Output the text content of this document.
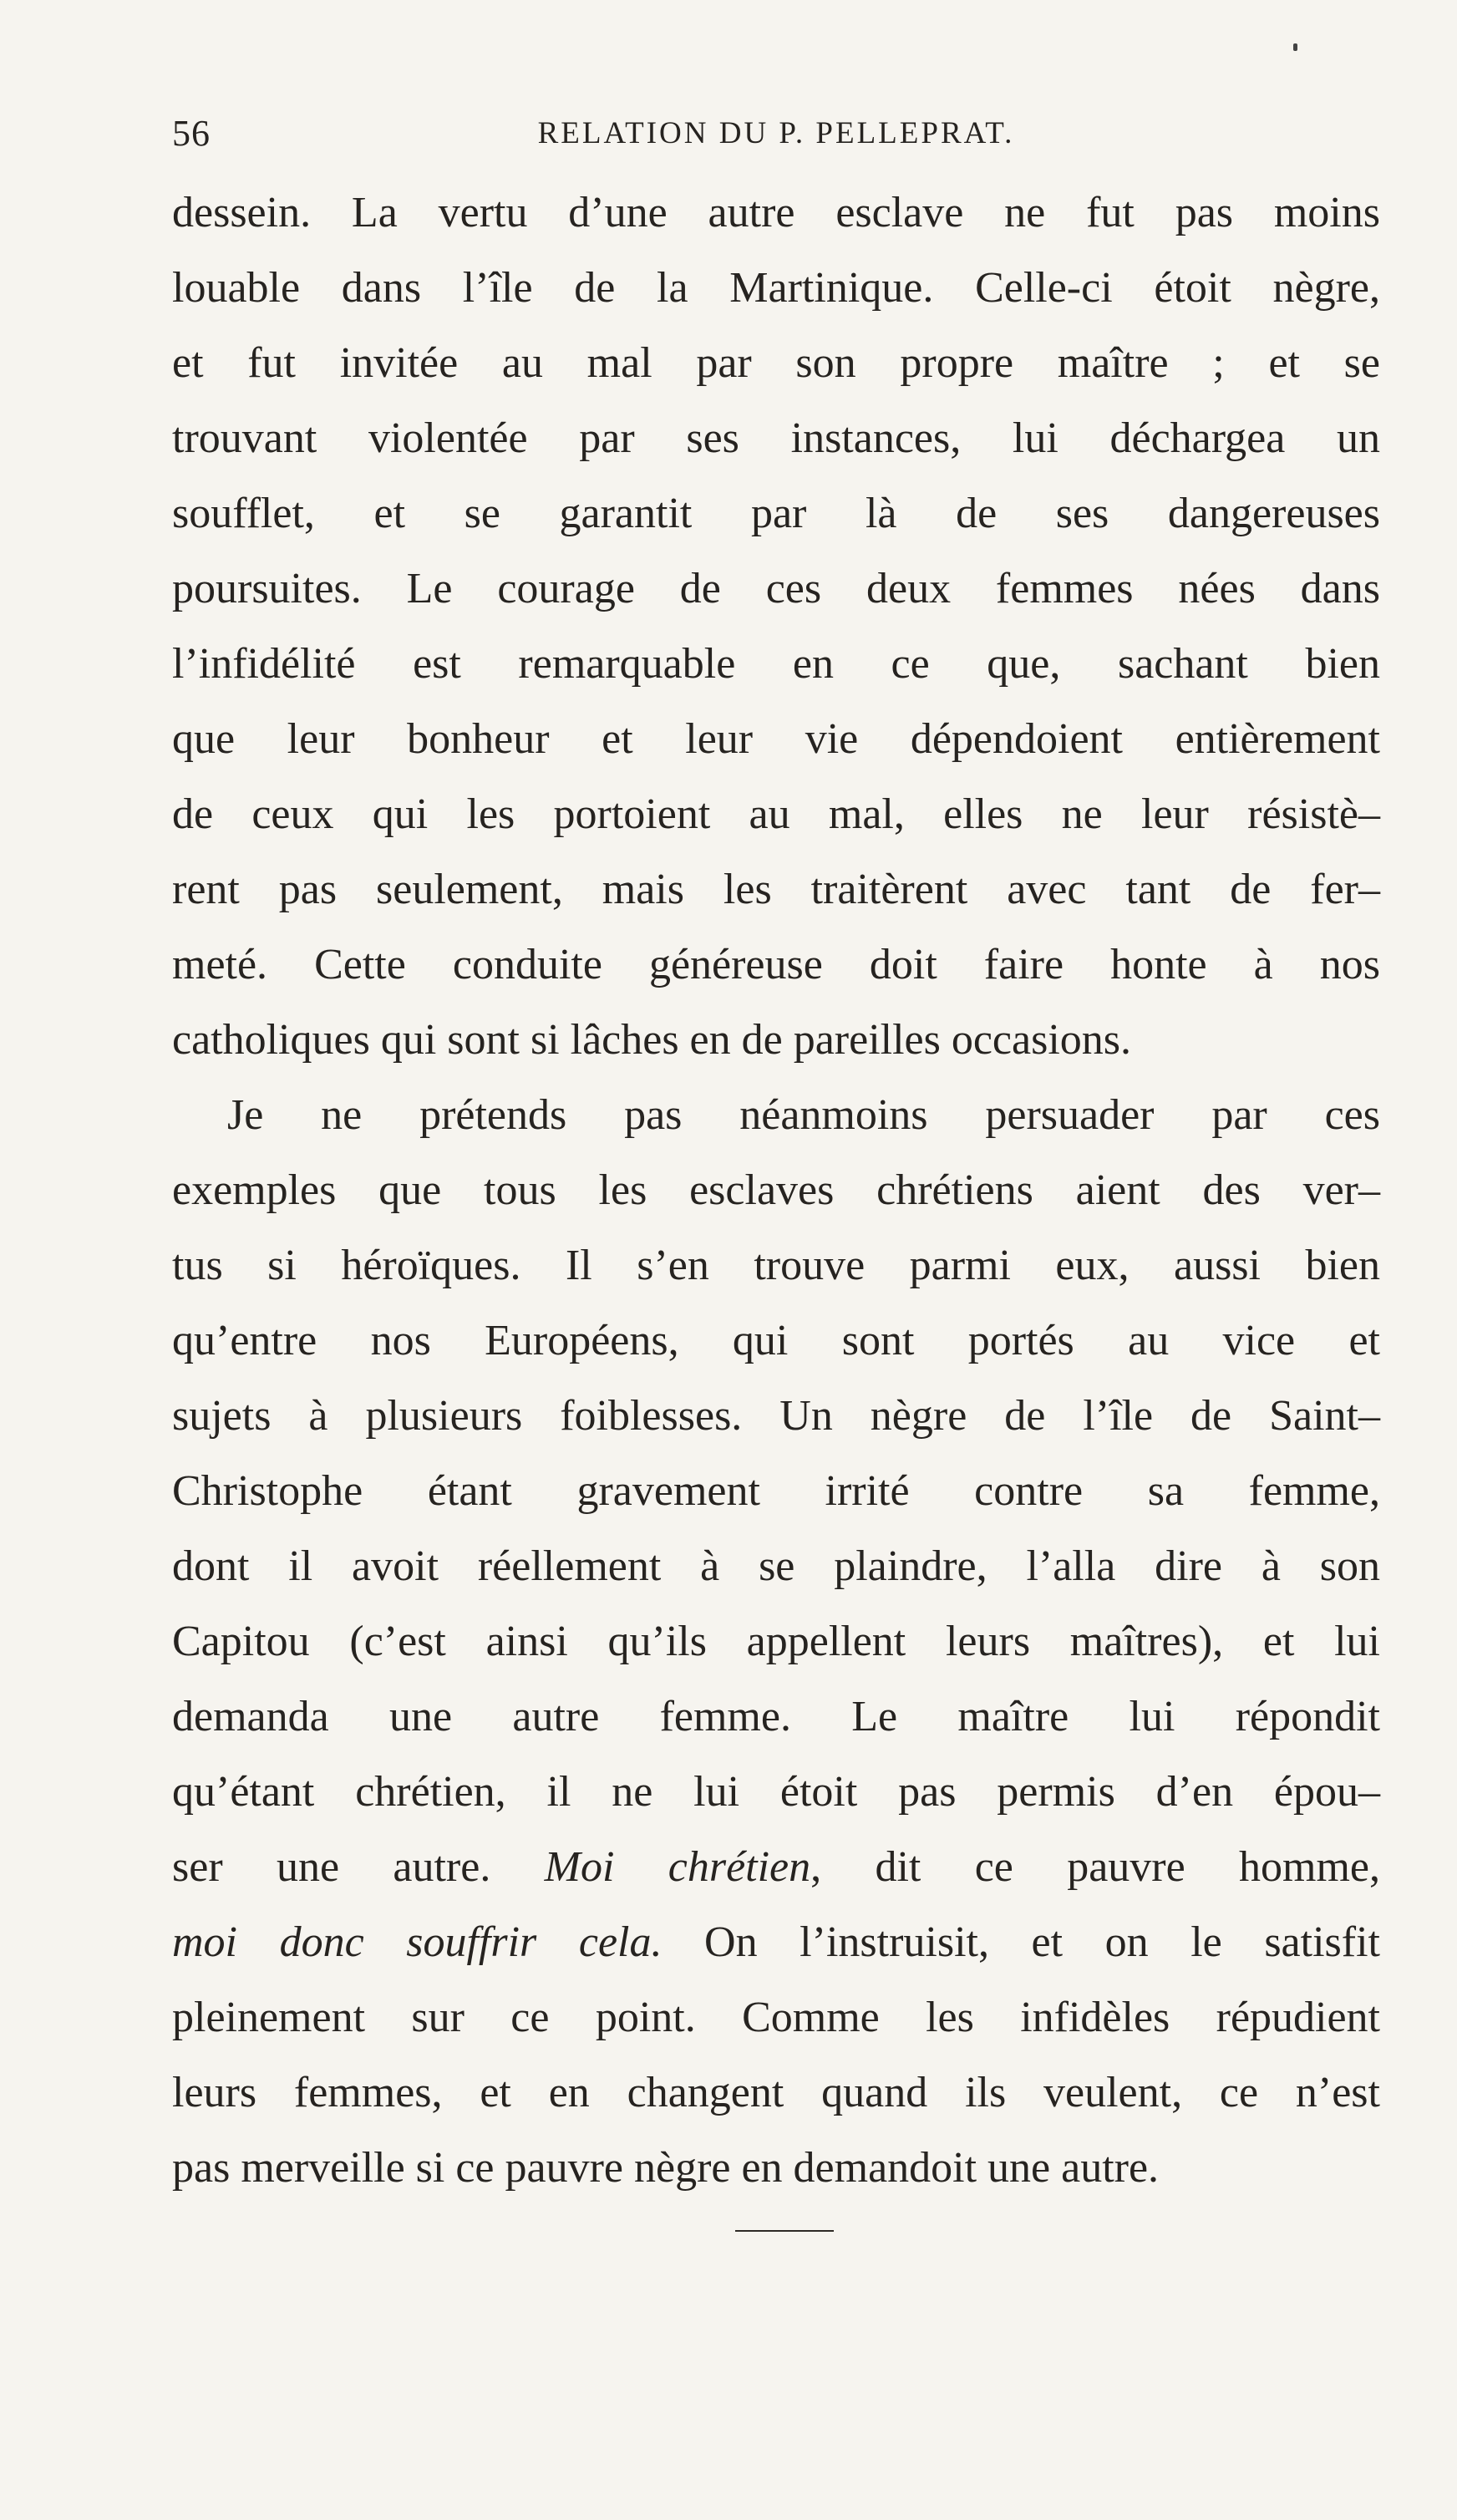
56	RELATION DU P. PELLEPRAT.
dessein. La vertu d’une autre esclave ne fut pas moins
louable dans l’île de la Martinique. Celle-ci étoit nègre,
et fut invitée au mal par son propre maître ; et se
trouvant violentée par ses instances, lui déchargea un
soufflet, et se garantit par là de ses dangereuses
poursuites. Le courage de ces deux femmes nées dans
l’infidélité est remarquable en ce que, sachant bien
que leur bonheur et leur vie dépendoient entièrement
de ceux qui les portoient au mal, elles ne leur résistè–
rent pas seulement, mais les traitèrent avec tant de fer–
meté. Cette conduite généreuse doit faire honte à nos
catholiques qui sont si lâches en de pareilles occasions.
Je ne prétends pas néanmoins persuader par ces
exemples que tous les esclaves chrétiens aient des ver–
tus si héroïques. Il s’en trouve parmi eux, aussi bien
qu’entre nos Européens, qui sont portés au vice et
sujets à plusieurs foiblesses. Un nègre de l’île de Saint–
Christophe étant gravement irrité contre sa femme,
dont il avoit réellement à se plaindre, l’alla dire à son
Capitou (c’est ainsi qu’ils appellent leurs maîtres), et lui
demanda une autre femme. Le maître lui répondit
qu’étant chrétien, il ne lui étoit pas permis d’en épou–
ser une autre. Moi chrétien, dit ce pauvre homme,
moi donc souffrir cela. On l’instruisit, et on le satisfit
pleinement sur ce point. Comme les infidèles répudient
leurs femmes, et en changent quand ils veulent, ce n’est
pas merveille si ce pauvre nègre en demandoit une autre.
